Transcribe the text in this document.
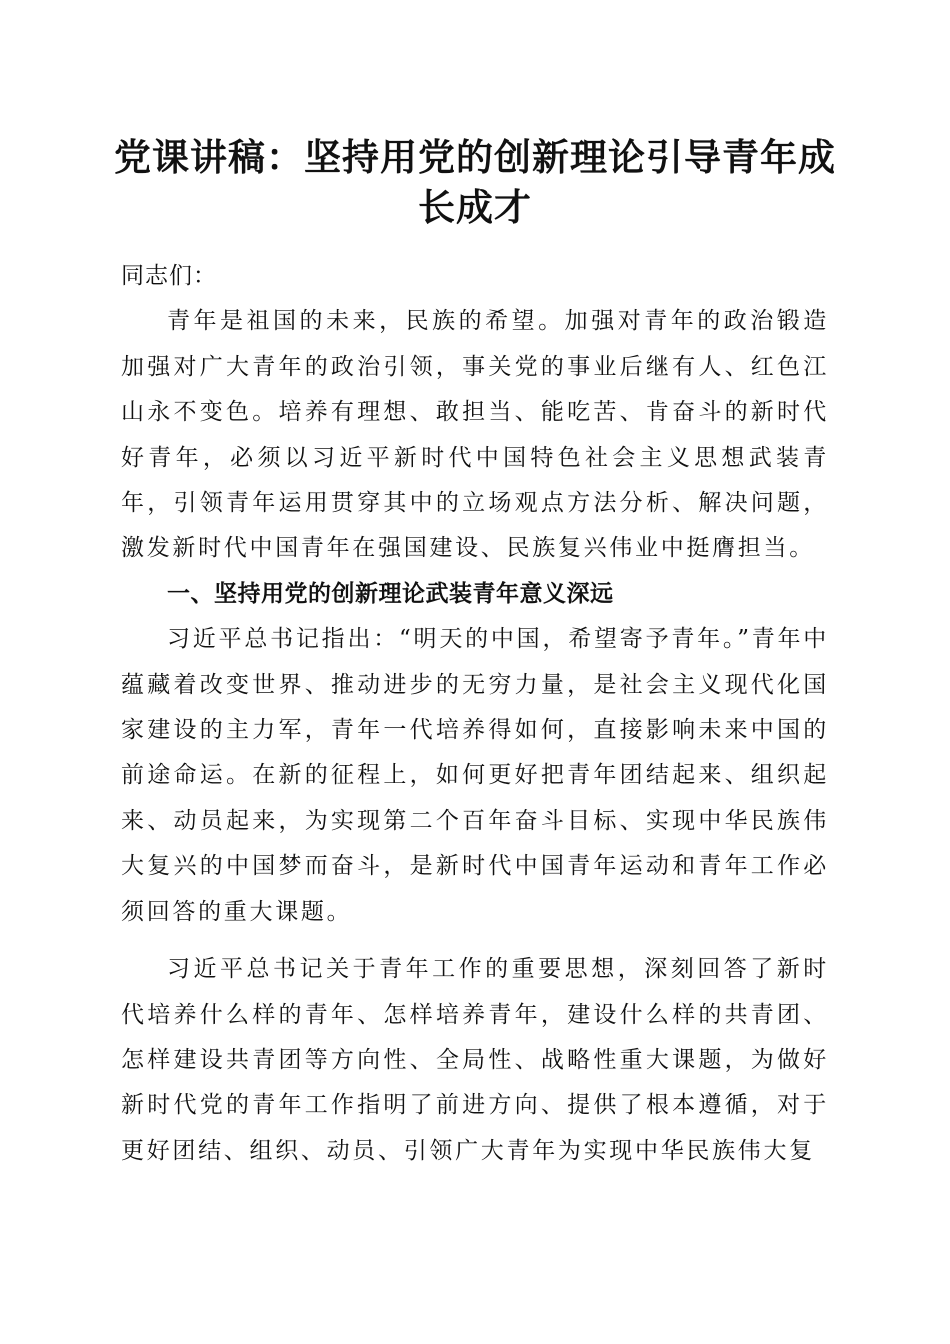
党课讲稿：坚持用党的创新理论引导青年成长成才

同志们：

青年是祖国的未来，民族的希望。加强对青年的政治锻造加强对广大青年的政治引领，事关党的事业后继有人、红色江山永不变色。培养有理想、敢担当、能吃苦、肯奋斗的新时代好青年，必须以习近平新时代中国特色社会主义思想武装青年，引领青年运用贯穿其中的立场观点方法分析、解决问题，激发新时代中国青年在强国建设、民族复兴伟业中挺膺担当。

一、坚持用党的创新理论武装青年意义深远

习近平总书记指出：“明天的中国，希望寄予青年。”青年中蕴藏着改变世界、推动进步的无穷力量，是社会主义现代化国家建设的主力军，青年一代培养得如何，直接影响未来中国的前途命运。在新的征程上，如何更好把青年团结起来、组织起来、动员起来，为实现第二个百年奋斗目标、实现中华民族伟大复兴的中国梦而奋斗，是新时代中国青年运动和青年工作必须回答的重大课题。

习近平总书记关于青年工作的重要思想，深刻回答了新时代培养什么样的青年、怎样培养青年，建设什么样的共青团、怎样建设共青团等方向性、全局性、战略性重大课题，为做好新时代党的青年工作指明了前进方向、提供了根本遵循，对于更好团结、组织、动员、引领广大青年为实现中华民族伟大复
